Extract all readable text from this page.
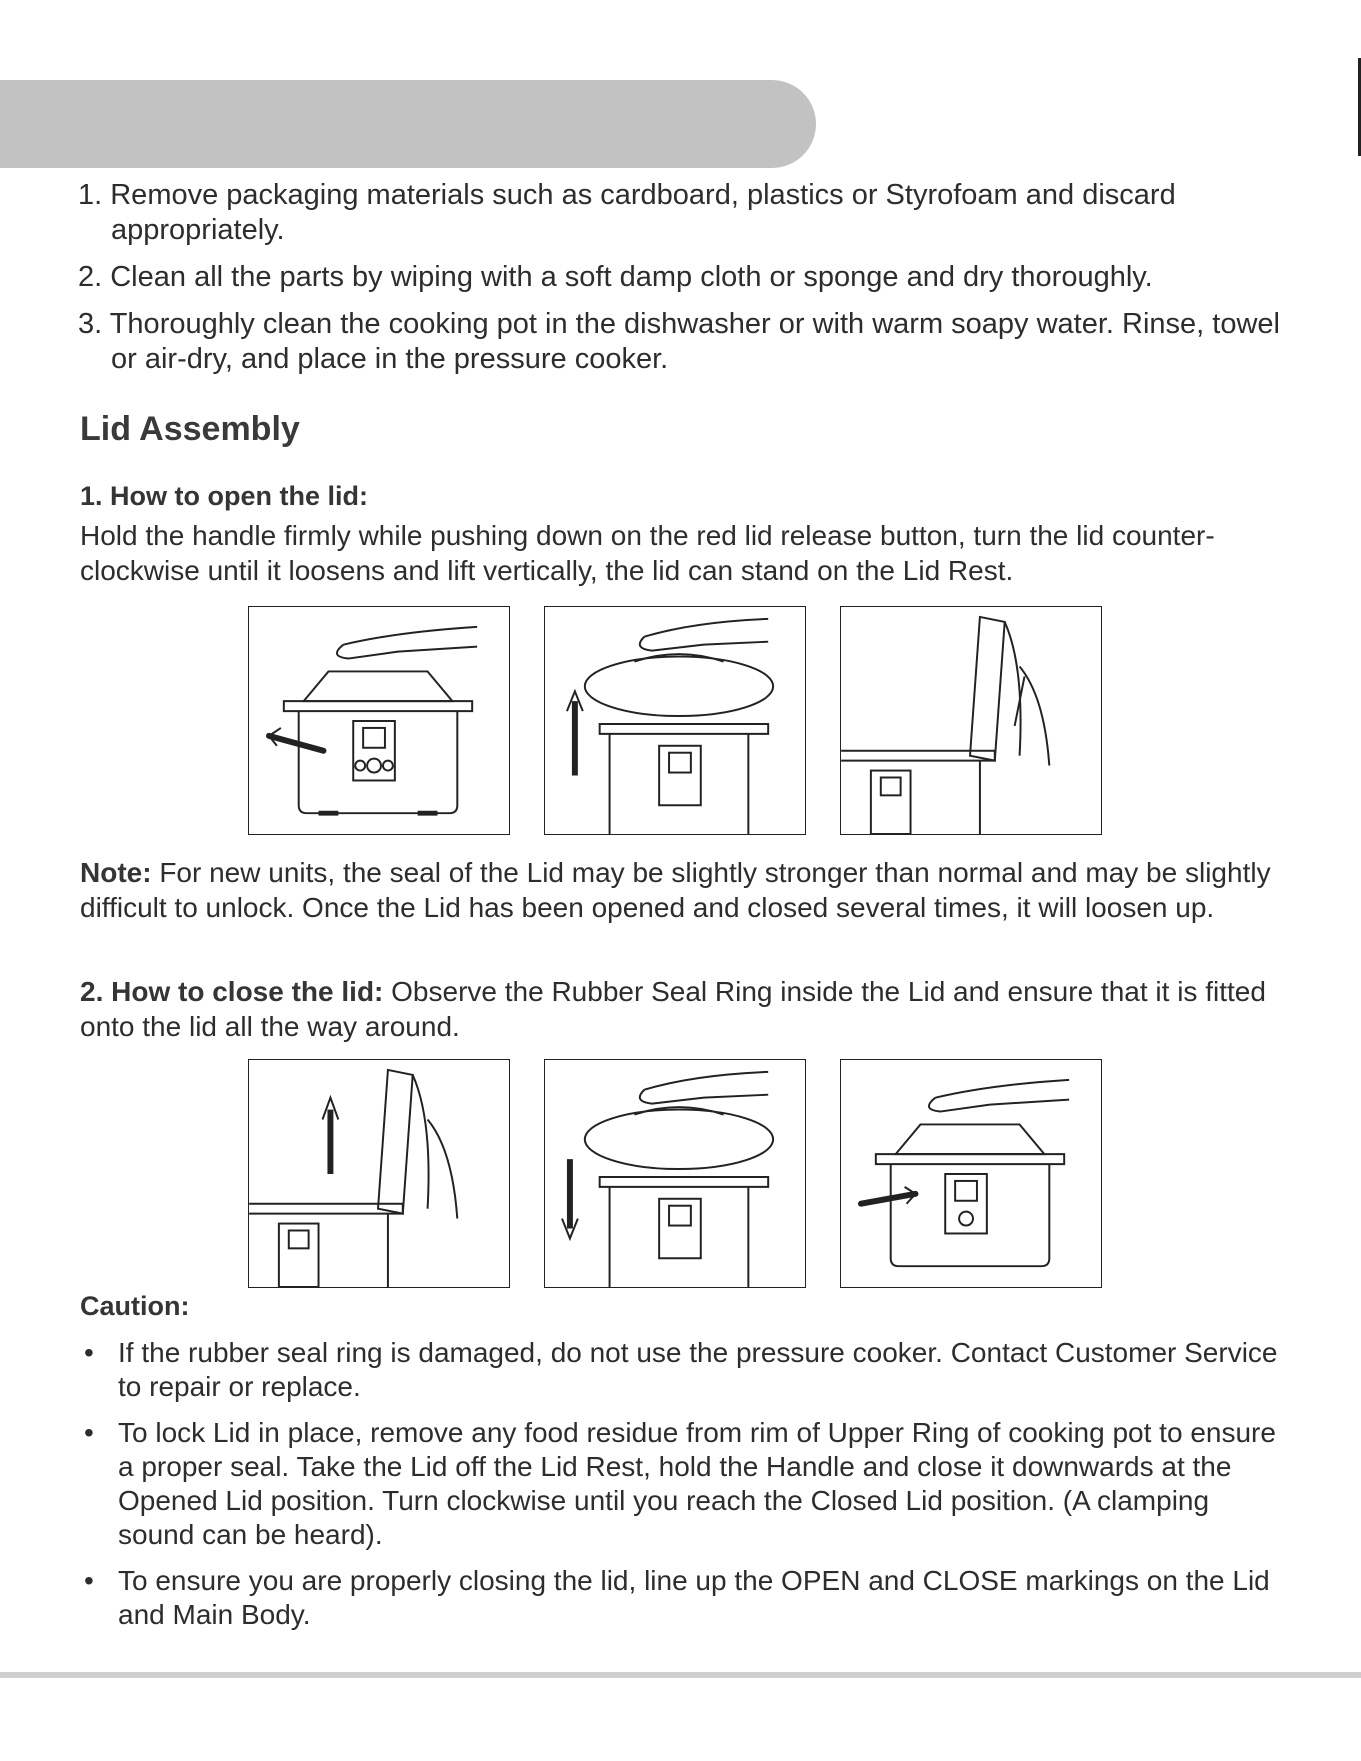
1. Remove packaging materials such as cardboard, plastics or Styrofoam and discard appropriately.
2. Clean all the parts by wiping with a soft damp cloth or sponge and dry thoroughly.
3. Thoroughly clean the cooking pot in the dishwasher or with warm soapy water. Rinse, towel or air-dry, and place in the pressure cooker.
Lid Assembly
1. How to open the lid:

Hold the handle firmly while pushing down on the red lid release button, turn the lid counter-clockwise until it loosens and lift vertically, the lid can stand on the Lid Rest.

Note: For new units, the seal of the Lid may be slightly stronger than normal and may be slightly difficult to unlock. Once the Lid has been opened and closed several times, it will loosen up.

2. How to close the lid: Observe the Rubber Seal Ring inside the Lid and ensure that it is fitted onto the lid all the way around.

Caution:
• If the rubber seal ring is damaged, do not use the pressure cooker. Contact Customer Service to repair or replace.
• To lock Lid in place, remove any food residue from rim of Upper Ring of cooking pot to ensure a proper seal. Take the Lid off the Lid Rest, hold the Handle and close it downwards at the Opened Lid position. Turn clockwise until you reach the Closed Lid position. (A clamping sound can be heard).
• To ensure you are properly closing the lid, line up the OPEN and CLOSE markings on the Lid and Main Body.
